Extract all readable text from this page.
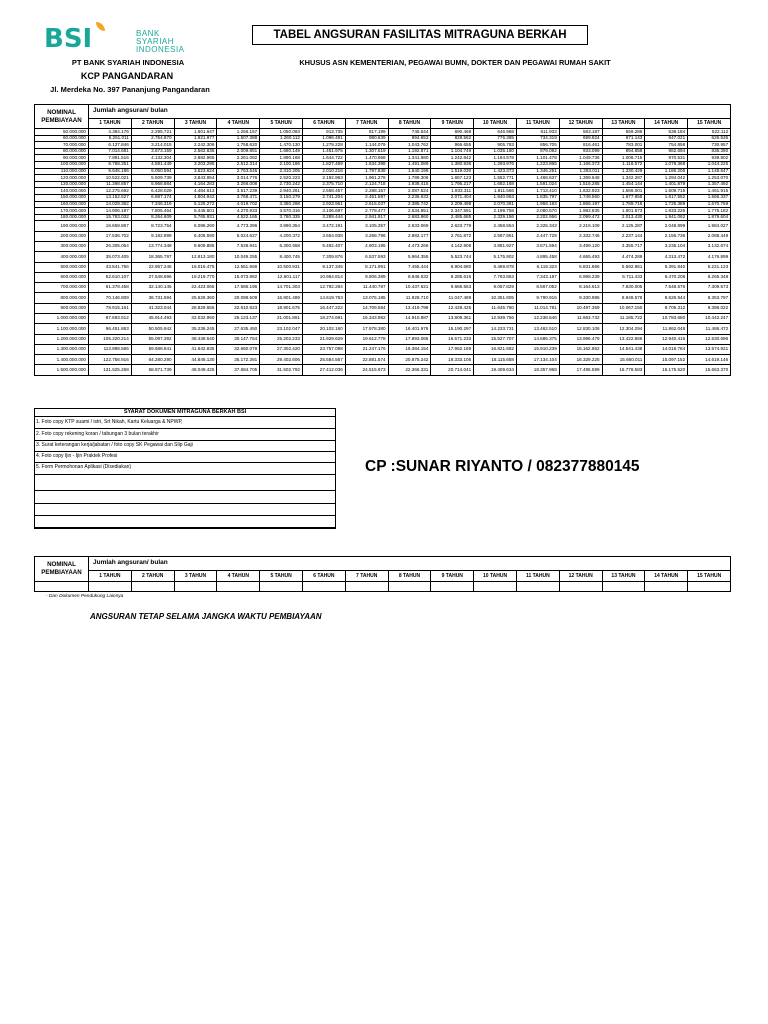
BSI	BANK SYARIAH
INDONESIA
TABEL ANGSURAN FASILITAS MITRAGUNA BERKAH
KHUSUS ASN KEMENTERIAN, PEGAWAI BUMN, DOKTER DAN PEGAWAI RUMAH SAKIT
PT BANK SYARIAH INDONESIA
KCP PANGANDARAN
Jl. Merdeka No. 397 Pananjung Pangandaran
NOMINAL
PEMBIAYAAN	Jumlah angsuran/ bulan														
	1 TAHUN	2 TAHUN	3 TAHUN	4 TAHUN	5 TAHUN	6 TAHUN	7 TAHUN	8 TAHUN	9 TAHUN	10 TAHUN	11 TAHUN	12 TAHUN	13 TAHUN	14 TAHUN	15 TAHUN
50.000.000	4.384.176	2.295.721	1.601.647	1.256.157	1.050.093	913.735	817.199	745.544	690.468	646.988	611.933	583.187	559.286	539.184	522.112
60.000.000	5.261.011	2.754.870	1.921.977	1.507.388	1.260.112	1.096.481	980.639	894.653	828.562	776.385	734.319	699.824	671.143	647.021	626.535
70.000.000	6.137.846	3.214.015	2.242.306	1.758.620	1.470.130	1.279.228	1.144.079	1.043.762	966.655	905.783	856.705	816.461	783.001	754.858	730.957
80.000.000	7.014.681	3.673.159	2.562.636	2.009.851	1.680.149	1.461.975	1.307.519	1.192.871	1.104.749	1.035.180	979.092	933.099	894.858	862.694	835.380
90.000.000	7.891.516	4.132.304	2.882.965	2.261.082	1.890.168	1.644.722	1.470.958	1.341.980	1.242.842	1.164.578	1.101.478	1.049.736	1.006.715	970.531	939.802
100.000.000	8.768.351	4.591.449	3.203.295	2.512.314	2.100.186	1.827.469	1.634.398	1.491.089	1.380.936	1.293.976	1.223.865	1.166.373	1.118.572	1.078.368	1.044.225
110.000.000	9.645.186	5.050.594	3.523.624	2.763.545	2.310.205	2.010.216	1.797.838	1.640.198	1.519.030	1.423.373	1.346.251	1.283.011	1.230.429	1.186.205	1.148.647
120.000.000	10.522.021	5.509.739	3.843.954	3.014.776	2.520.223	2.192.963	1.961.278	1.789.306	1.657.123	1.552.771	1.468.637	1.399.648	1.342.287	1.294.042	1.253.070
130.000.000	11.398.857	5.968.884	4.164.283	3.266.008	2.730.242	2.375.710	2.124.718	1.938.415	1.795.217	1.682.168	1.591.024	1.516.285	1.454.144	1.401.879	1.357.492
140.000.000	12.275.692	6.428.029	4.484.613	3.517.239	2.940.261	2.558.457	2.288.157	2.087.524	1.933.311	1.811.566	1.713.410	1.632.923	1.566.001	1.509.715	1.461.915
150.000.000	13.152.527	6.887.174	4.804.942	3.768.471	3.150.279	2.741.204	2.451.597	2.236.633	2.071.404	1.940.963	1.835.797	1.749.560	1.677.858	1.617.552	1.566.337
160.000.000	14.029.362	7.346.319	5.125.272	4.019.702	3.360.298	2.923.951	2.615.037	2.385.742	2.209.498	2.070.361	1.958.183	1.866.197	1.789.716	1.725.389	1.670.759
170.000.000	14.906.197	7.805.464	5.445.601	4.270.933	3.570.316	3.106.697	2.778.477	2.534.851	2.347.591	2.199.758	2.080.570	1.982.835	1.901.573	1.833.226	1.775.182
180.000.000	15.783.032	8.264.609	5.765.931	4.522.165	3.780.335	3.289.444	2.941.917	2.683.960	2.485.685	2.329.156	2.202.956	2.099.472	2.013.430	1.941.062	1.879.604
190.000.000	16.659.867	8.723.754	6.086.260	4.773.396	3.990.354	3.472.191	3.105.357	2.833.069	2.623.779	2.458.554	2.325.343	2.216.109	2.125.287	2.048.899	1.984.027
200.000.000	17.536.702	9.182.899	6.406.590	5.024.627	4.200.372	3.654.938	3.268.796	2.982.177	2.761.872	2.587.951	2.447.729	2.332.746	2.237.144	2.156.736	2.088.449
300.000.000	26.305.054	13.774.348	9.609.885	7.536.941	6.300.558	5.482.407	4.903.195	4.473.266	4.142.808	3.881.927	3.671.594	3.499.120	3.355.717	3.235.104	3.132.674
400.000.000	35.073.405	18.365.797	12.813.180	10.049.255	8.400.745	7.309.876	6.537.593	5.964.355	5.523.744	5.175.902	4.895.458	4.665.493	4.474.289	4.313.472	4.176.899
500.000.000	43.841.756	22.957.246	16.016.475	12.561.568	10.500.931	9.137.345	8.171.991	7.455.444	6.904.680	6.469.878	6.119.323	5.831.866	5.592.861	5.391.840	5.221.123
600.000.000	52.610.107	27.548.696	19.219.770	15.073.882	12.601.117	10.964.814	9.806.389	8.946.532	8.285.616	7.763.853	7.343.187	6.998.239	6.711.433	6.470.208	6.265.348
700.000.000	61.378.458	32.140.145	22.423.065	17.586.196	14.701.303	12.792.284	11.440.787	10.437.621	9.666.553	9.057.829	8.567.052	8.164.613	7.830.005	7.548.576	7.309.573
800.000.000	70.146.809	36.731.594	25.626.360	20.098.509	16.801.489	14.619.753	13.075.185	11.928.710	11.047.489	10.351.805	9.790.916	9.330.986	8.948.578	8.626.944	8.353.797
900.000.000	78.915.161	41.323.044	28.829.655	22.610.823	18.901.675	16.447.222	14.709.584	13.419.799	12.428.425	11.645.780	11.014.781	10.497.359	10.067.150	9.705.312	9.398.022
1.000.000.000	87.683.512	45.914.493	32.032.950	25.123.137	21.001.861	18.274.691	16.343.982	14.910.887	13.809.361	12.939.756	12.238.646	11.663.732	11.185.722	10.783.680	10.442.247
1.100.000.000	96.451.863	50.505.942	35.236.245	27.635.450	23.102.047	20.102.160	17.978.380	16.401.976	15.190.297	14.233.731	13.462.510	12.830.106	12.304.294	11.862.048	11.486.472
1.200.000.000	105.220.214	55.097.392	38.439.540	30.147.764	25.202.233	21.929.629	19.612.778	17.893.065	16.571.233	15.527.707	14.686.375	13.996.479	13.422.866	12.940.416	12.530.696
1.300.000.000	113.988.565	59.688.841	41.642.835	32.660.078	27.302.420	23.757.098	21.247.176	19.384.154	17.952.169	16.821.682	15.910.239	15.162.852	14.541.438	14.018.784	13.574.921
1.400.000.000	122.756.916	64.280.290	44.846.130	35.172.391	29.402.606	25.584.567	22.881.574	20.875.242	19.333.105	18.115.658	17.134.104	16.329.225	15.660.011	15.097.152	14.619.146
1.500.000.000	131.525.268	68.871.739	48.049.425	37.684.705	31.502.792	27.412.036	24.515.973	22.366.331	20.714.041	19.409.634	18.357.968	17.495.599	16.778.583	16.175.520	15.663.370
SYARAT DOKUMEN MITRAGUNA BERKAH BSI
1. Foto copy KTP suami / istri, Srt Nikah, Kartu Keluarga & NPWP,
2. Foto copy rekening koran / tabungan 3 bulan terakhir
3. Surat keterangan kerja/jabatan / foto copy SK Pegawai dan Slip Gaji
4. Foto copy Ijin - Ijin Praktek Profesi
5. Form Permohonan Aplikasi (Disediakan)	CP :SUNAR RIYANTO / 082377880145
NOMINAL
PEMBIAYAAN	Jumlah angsuran/ bulan														
	1 TAHUN	2 TAHUN	3 TAHUN	4 TAHUN	5 TAHUN	6 TAHUN	7 TAHUN	8 TAHUN	9 TAHUN	10 TAHUN	11 TAHUN	12 TAHUN	13 TAHUN	14 TAHUN	15 TAHUN

- Dan Dokumen Pendukung Lainnya
ANGSURAN TETAP SELAMA JANGKA WAKTU PEMBIAYAAN
